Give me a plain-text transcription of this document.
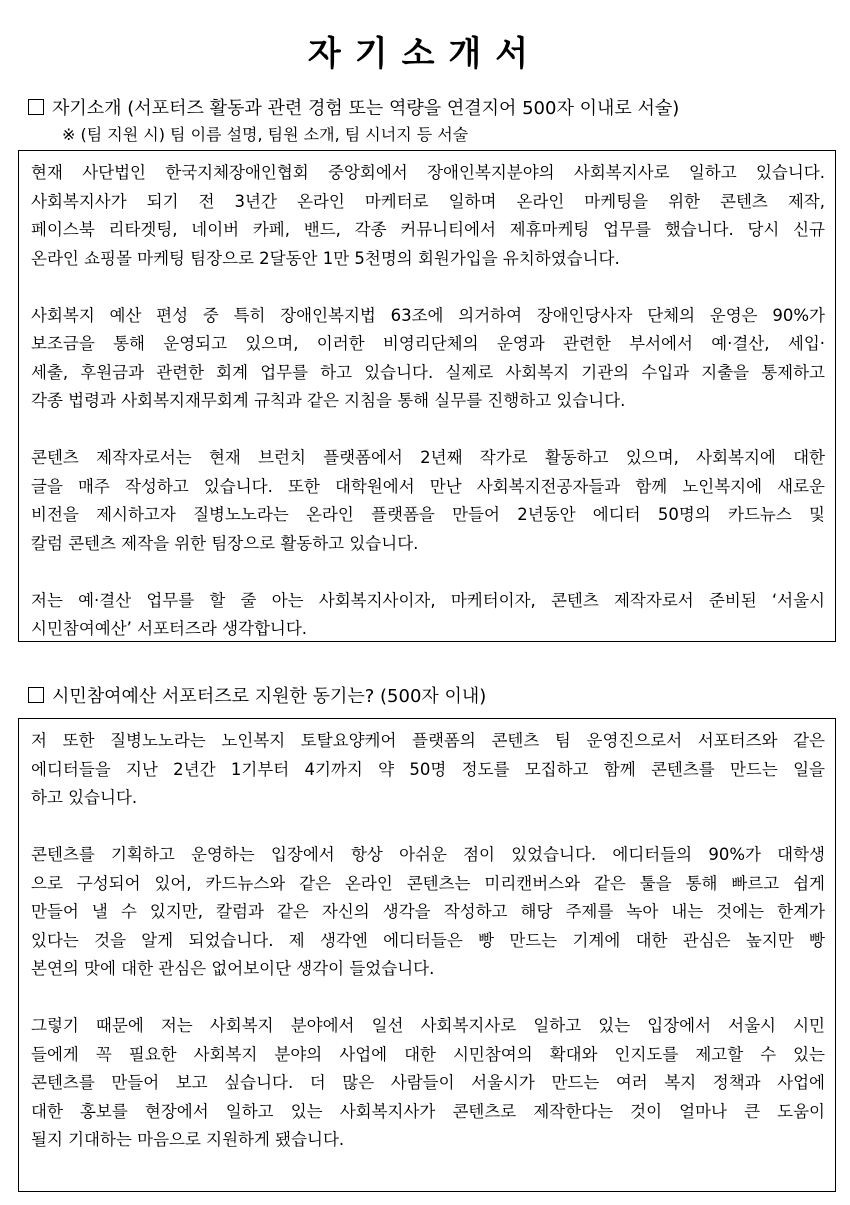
자기소개서
자기소개 (서포터즈 활동과 관련 경험 또는 역량을 연결지어 500자 이내로 서술)
※ (팀 지원 시) 팀 이름 설명, 팀원 소개, 팀 시너지 등 서술
현재 사단법인 한국지체장애인협회 중앙회에서 장애인복지분야의 사회복지사로 일하고 있습니다.
사회복지사가 되기 전 3년간 온라인 마케터로 일하며 온라인 마케팅을 위한 콘텐츠 제작,
페이스북 리타겟팅, 네이버 카페, 밴드, 각종 커뮤니티에서 제휴마케팅 업무를 했습니다. 당시 신규
온라인 쇼핑몰 마케팅 팀장으로 2달동안 1만 5천명의 회원가입을 유치하였습니다.
사회복지 예산 편성 중 특히 장애인복지법 63조에 의거하여 장애인당사자 단체의 운영은 90%가
보조금을 통해 운영되고 있으며, 이러한 비영리단체의 운영과 관련한 부서에서 예·결산, 세입·
세출, 후원금과 관련한 회계 업무를 하고 있습니다. 실제로 사회복지 기관의 수입과 지출을 통제하고
각종 법령과 사회복지재무회계 규칙과 같은 지침을 통해 실무를 진행하고 있습니다.
콘텐츠 제작자로서는 현재 브런치 플랫폼에서 2년째 작가로 활동하고 있으며, 사회복지에 대한
글을 매주 작성하고 있습니다. 또한 대학원에서 만난 사회복지전공자들과 함께 노인복지에 새로운
비전을 제시하고자 질병노노라는 온라인 플랫폼을 만들어 2년동안 에디터 50명의 카드뉴스 및
칼럼 콘텐츠 제작을 위한 팀장으로 활동하고 있습니다.
저는 예·결산 업무를 할 줄 아는 사회복지사이자, 마케터이자, 콘텐츠 제작자로서 준비된 ‘서울시
시민참여예산’ 서포터즈라 생각합니다.
시민참여예산 서포터즈로 지원한 동기는? (500자 이내)
저 또한 질병노노라는 노인복지 토탈요양케어 플랫폼의 콘텐츠 팀 운영진으로서 서포터즈와 같은
에디터들을 지난 2년간 1기부터 4기까지 약 50명 정도를 모집하고 함께 콘텐츠를 만드는 일을
하고 있습니다.
콘텐츠를 기획하고 운영하는 입장에서 항상 아쉬운 점이 있었습니다. 에디터들의 90%가 대학생
으로 구성되어 있어, 카드뉴스와 같은 온라인 콘텐츠는 미리캔버스와 같은 툴을 통해 빠르고 쉽게
만들어 낼 수 있지만, 칼럼과 같은 자신의 생각을 작성하고 해당 주제를 녹아 내는 것에는 한계가
있다는 것을 알게 되었습니다. 제 생각엔 에디터들은 빵 만드는 기계에 대한 관심은 높지만 빵
본연의 맛에 대한 관심은 없어보이단 생각이 들었습니다.
그렇기 때문에 저는 사회복지 분야에서 일선 사회복지사로 일하고 있는 입장에서 서울시 시민
들에게 꼭 필요한 사회복지 분야의 사업에 대한 시민참여의 확대와 인지도를 제고할 수 있는
콘텐츠를 만들어 보고 싶습니다. 더 많은 사람들이 서울시가 만드는 여러 복지 정책과 사업에
대한 홍보를 현장에서 일하고 있는 사회복지사가 콘텐츠로 제작한다는 것이 얼마나 큰 도움이
될지 기대하는 마음으로 지원하게 됐습니다.
